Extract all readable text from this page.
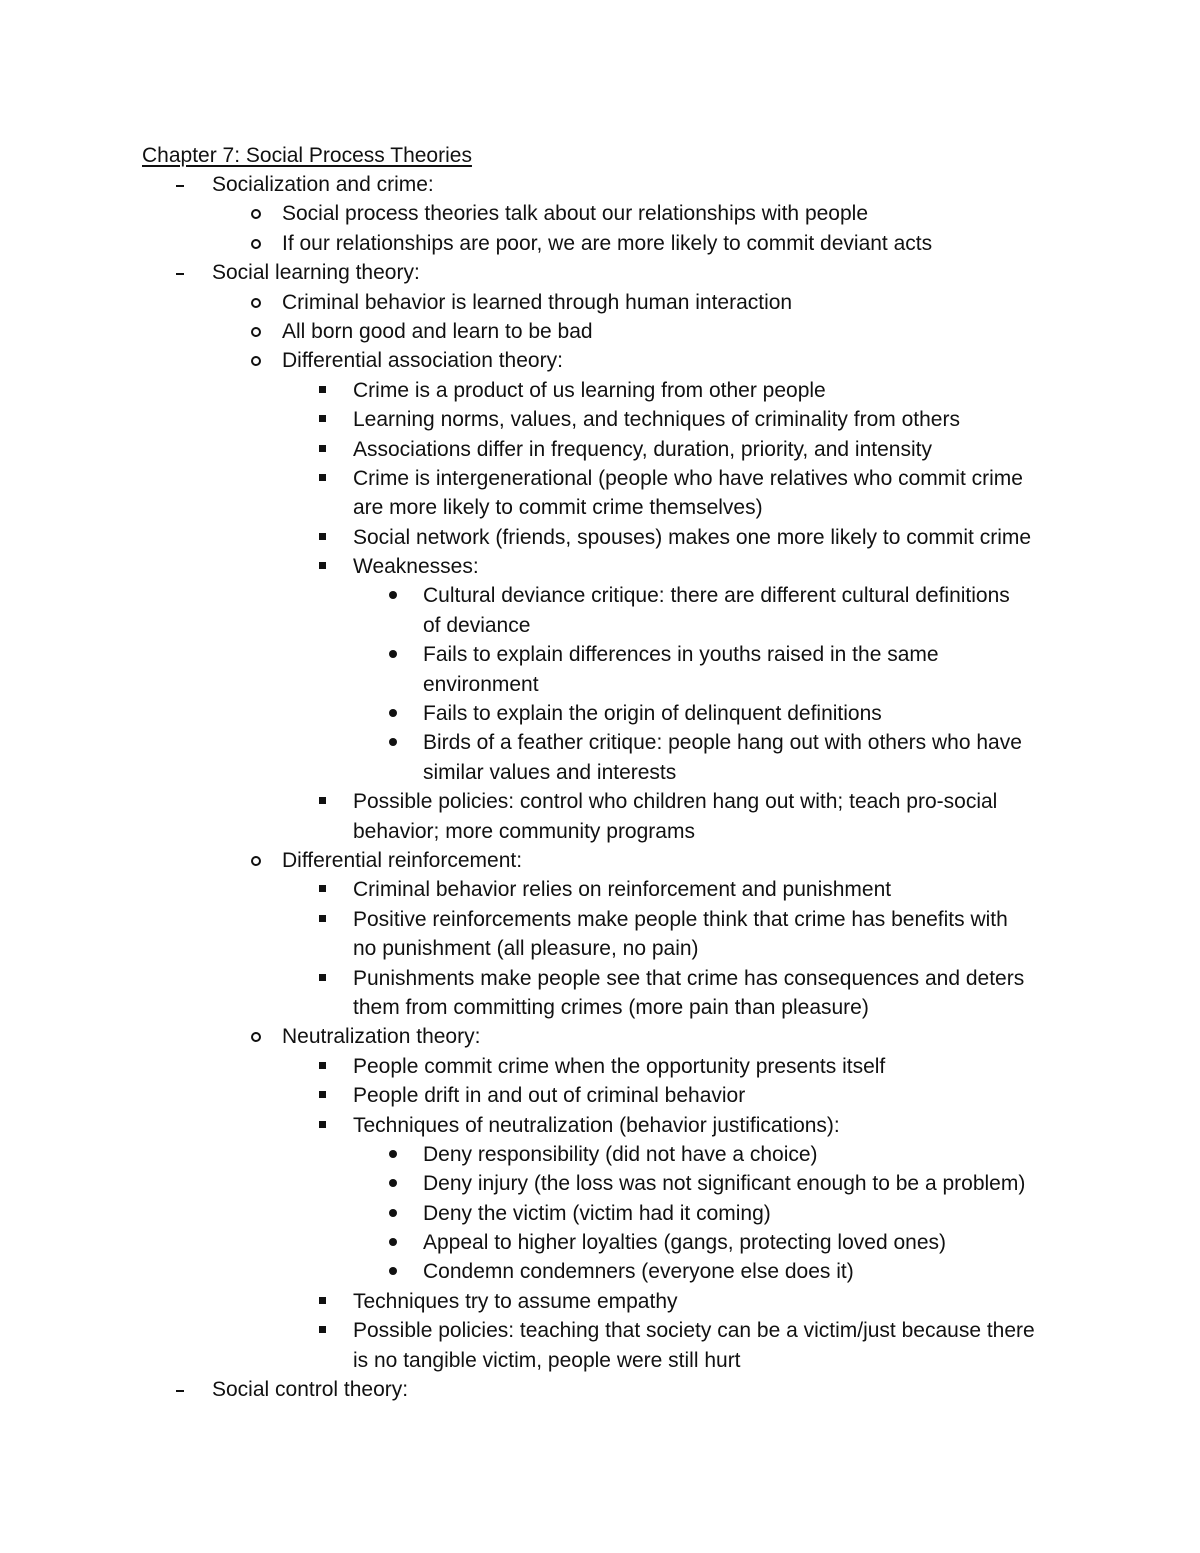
Chapter 7: Social Process Theories
Socialization and crime:
Social process theories talk about our relationships with people
If our relationships are poor, we are more likely to commit deviant acts
Social learning theory:
Criminal behavior is learned through human interaction
All born good and learn to be bad
Differential association theory:
Crime is a product of us learning from other people
Learning norms, values, and techniques of criminality from others
Associations differ in frequency, duration, priority, and intensity
Crime is intergenerational (people who have relatives who commit crime
are more likely to commit crime themselves)
Social network (friends, spouses) makes one more likely to commit crime
Weaknesses:
Cultural deviance critique: there are different cultural definitions
of deviance
Fails to explain differences in youths raised in the same
environment
Fails to explain the origin of delinquent definitions
Birds of a feather critique: people hang out with others who have
similar values and interests
Possible policies: control who children hang out with; teach pro-social
behavior; more community programs
Differential reinforcement:
Criminal behavior relies on reinforcement and punishment
Positive reinforcements make people think that crime has benefits with
no punishment (all pleasure, no pain)
Punishments make people see that crime has consequences and deters
them from committing crimes (more pain than pleasure)
Neutralization theory:
People commit crime when the opportunity presents itself
People drift in and out of criminal behavior
Techniques of neutralization (behavior justifications):
Deny responsibility (did not have a choice)
Deny injury (the loss was not significant enough to be a problem)
Deny the victim (victim had it coming)
Appeal to higher loyalties (gangs, protecting loved ones)
Condemn condemners (everyone else does it)
Techniques try to assume empathy
Possible policies: teaching that society can be a victim/just because there
is no tangible victim, people were still hurt
Social control theory:
